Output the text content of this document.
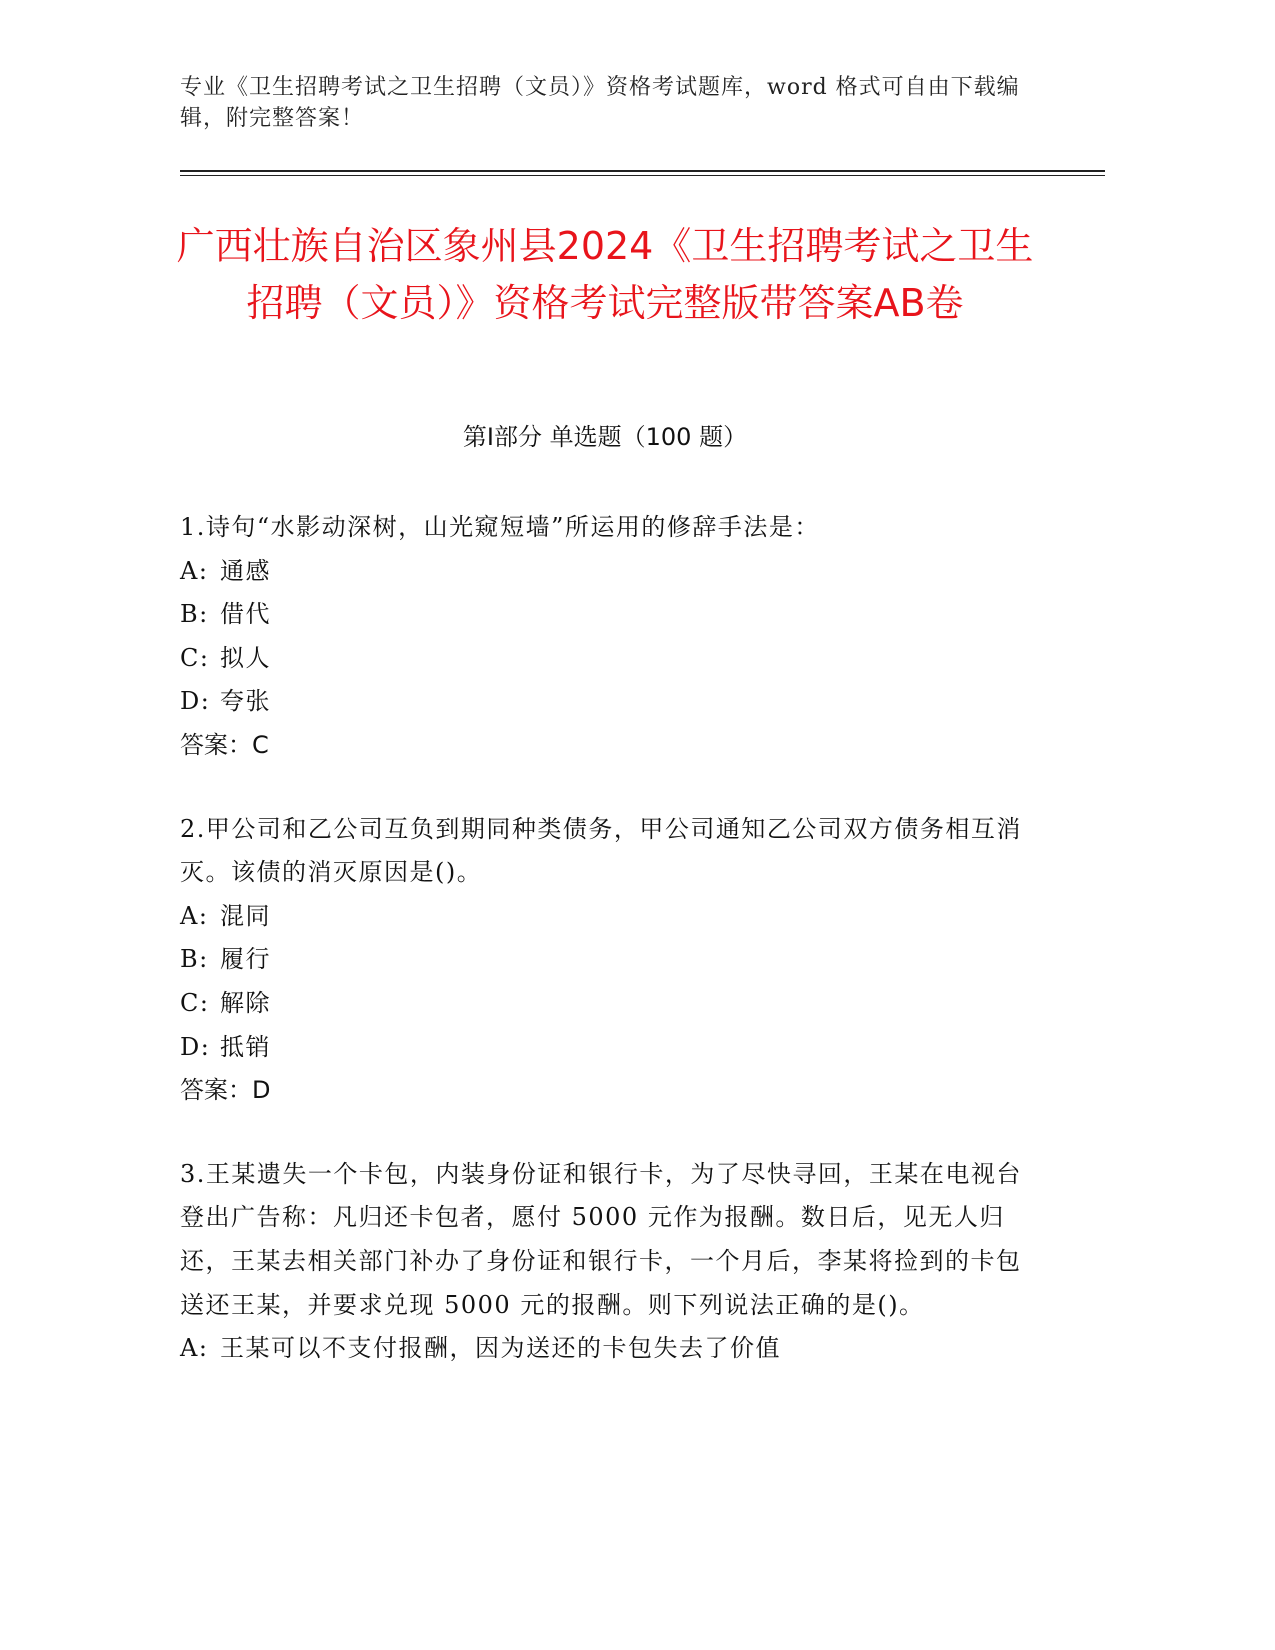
专业《卫生招聘考试之卫生招聘（文员）》资格考试题库，word 格式可自由下载编辑，附完整答案！
广西壮族自治区象州县2024《卫生招聘考试之卫生招聘（文员）》资格考试完整版带答案AB卷
第Ⅰ部分 单选题（100 题）

1.诗句“水影动深树，山光窥短墙”所运用的修辞手法是：

A: 通感

B: 借代

C: 拟人

D: 夸张

答案：C

2.甲公司和乙公司互负到期同种类债务，甲公司通知乙公司双方债务相互消灭。该债的消灭原因是()。

A: 混同

B: 履行

C: 解除

D: 抵销

答案：D

3.王某遗失一个卡包，内装身份证和银行卡，为了尽快寻回，王某在电视台登出广告称：凡归还卡包者，愿付 5000 元作为报酬。数日后，见无人归还，王某去相关部门补办了身份证和银行卡，一个月后，李某将捡到的卡包送还王某，并要求兑现 5000 元的报酬。则下列说法正确的是()。

A: 王某可以不支付报酬，因为送还的卡包失去了价值
